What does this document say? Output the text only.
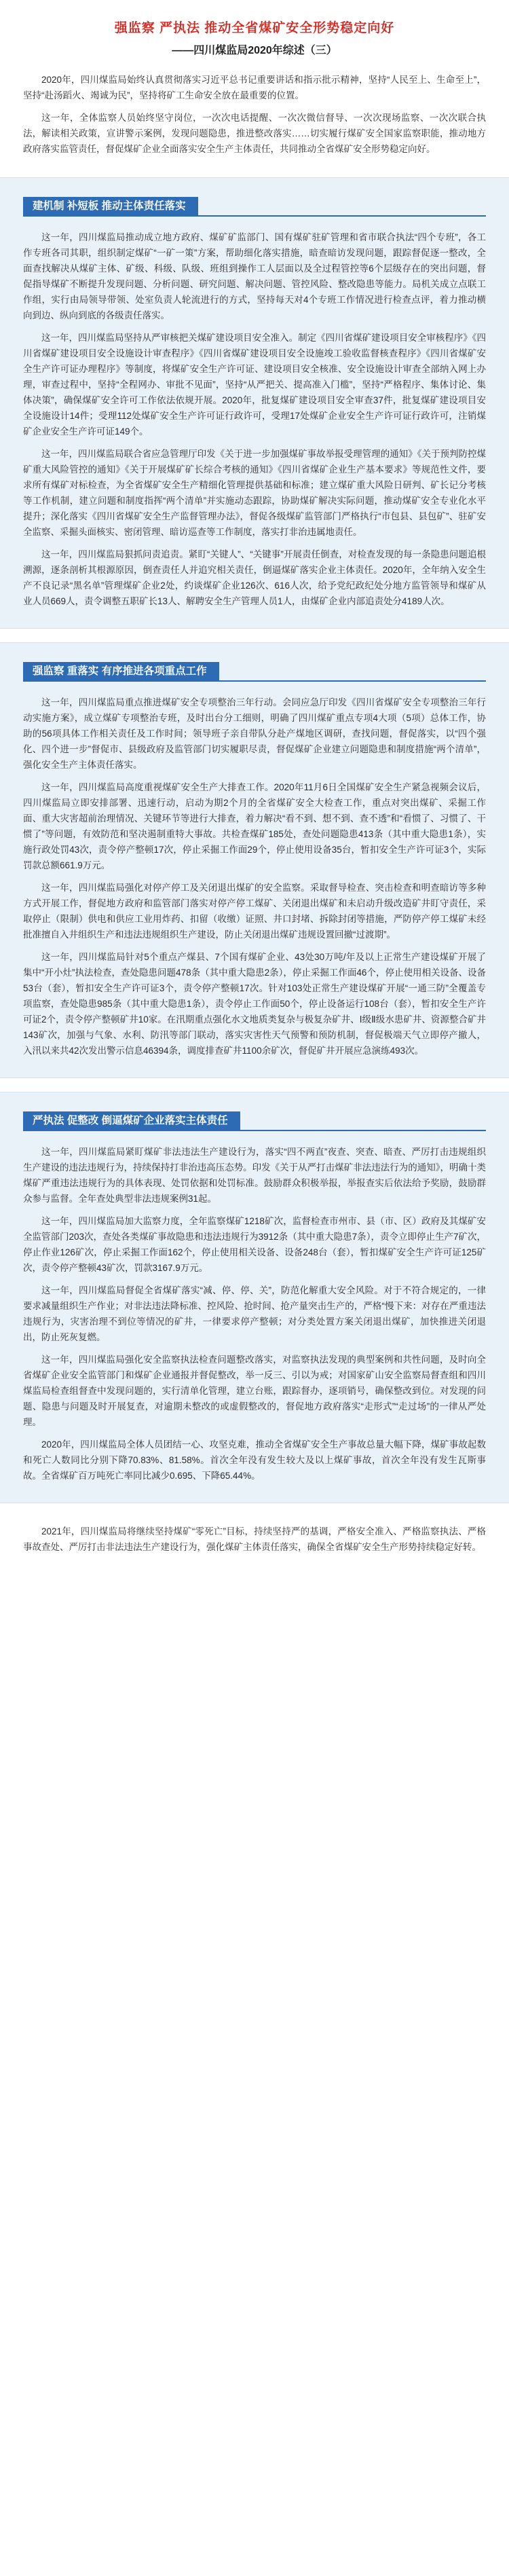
强监察 严执法 推动全省煤矿安全形势稳定向好
——四川煤监局2020年综述（三）

2020年，四川煤监局始终认真贯彻落实习近平总书记重要讲话和指示批示精神，坚持“人民至上、生命至上”，坚持“赴汤蹈火、竭诚为民”，坚持将矿工生命安全放在最重要的位置。

这一年，全体监察人员始终坚守岗位，一次次电话提醒、一次次微信督导、一次次现场监察、一次次联合执法，解读相关政策，宣讲警示案例，发现问题隐患，推进整改落实……切实履行煤矿安全国家监察职能，推动地方政府落实监管责任，督促煤矿企业全面落实安全生产主体责任，共同推动全省煤矿安全形势稳定向好。

建机制 补短板 推动主体责任落实

这一年，四川煤监局推动成立地方政府、煤矿矿监部门、国有煤矿驻矿管理和省市联合执法“四个专班”，各工作专班各司其职，组织制定煤矿“一矿一策”方案，帮助细化落实措施，暗查暗访发现问题，跟踪督促逐一整改，全面查找解决从煤矿主体、矿级、科级、队级、班组到操作工人层面以及全过程管控等6个层级存在的突出问题，督促指导煤矿不断提升发现问题、分析问题、研究问题、解决问题、管控风险、整改隐患等能力。局机关成立点联工作组，实行由局领导带领、处室负责人轮流进行的方式，坚持每天对4个专班工作情况进行检查点评，着力推动横向到边、纵向到底的各级责任落实。

这一年，四川煤监局坚持从严审核把关煤矿建设项目安全准入。制定《四川省煤矿建设项目安全审核程序》《四川省煤矿建设项目安全设施设计审查程序》《四川省煤矿建设项目安全设施竣工验收监督核查程序》《四川省煤矿安全生产许可证办理程序》等制度，将煤矿安全生产许可证、建设项目安全核准、安全设施设计审查全部纳入网上办理，审查过程中，坚持“全程网办、审批不见面”，坚持“从严把关、提高准入门槛”，坚持“严格程序、集体讨论、集体决策”，确保煤矿安全许可工作依法依规开展。2020年，批复煤矿建设项目安全审查37件，批复煤矿建设项目安全设施设计14件；受理112处煤矿安全生产许可证行政许可，受理17处煤矿企业安全生产许可证行政许可，注销煤矿企业安全生产许可证149个。

这一年，四川煤监局联合省应急管理厅印发《关于进一步加强煤矿事故举报受理管理的通知》《关于预判防控煤矿重大风险管控的通知》《关于开展煤矿矿长综合考核的通知》《四川省煤矿企业生产基本要求》等规范性文件，要求所有煤矿对标检查，为全省煤矿安全生产精细化管理提供基础和标准；建立煤矿重大风险日研判、矿长记分考核等工作机制，建立问题和制度指挥“两个清单”并实施动态跟踪，协助煤矿解决实际问题，推动煤矿安全专业化水平提升；深化落实《四川省煤矿安全生产监督管理办法》，督促各级煤矿监管部门严格执行“市包县、县包矿”、驻矿安全监察、采掘头面核实、密闭管理、暗访巡查等工作制度，落实打非治违属地责任。

这一年，四川煤监局狠抓问责追责。紧盯“关键人”、“关键事”开展责任倒查，对检查发现的每一条隐患问题追根溯源，逐条剖析其根源原因，倒查责任人并追究相关责任，倒逼煤矿落实企业主体责任。2020年，全年纳入安全生产不良记录“黑名单”管理煤矿企业2处，约谈煤矿企业126次、616人次，给予党纪政纪处分地方监管领导和煤矿从业人员669人，责令调整五职矿长13人、解聘安全生产管理人员1人，由煤矿企业内部追责处分4189人次。

强监察 重落实 有序推进各项重点工作

这一年，四川煤监局重点推进煤矿安全专项整治三年行动。会同应急厅印发《四川省煤矿安全专项整治三年行动实施方案》，成立煤矿专项整治专班，及时出台分工细则，明确了四川煤矿重点专项4大项（5项）总体工作，协助的56项具体工作相关责任及工作时间；领导班子亲自带队分赴产煤地区调研，查找问题，督促落实，以“四个强化、四个进一步”督促市、县级政府及监管部门切实履职尽责，督促煤矿企业建立问题隐患和制度措施“两个清单”，强化安全生产主体责任落实。

这一年，四川煤监局高度重视煤矿安全生产大排查工作。2020年11月6日全国煤矿安全生产紧急视频会议后，四川煤监局立即安排部署、迅速行动，启动为期2个月的全省煤矿安全大检查工作，重点对突出煤矿、采掘工作面、重大灾害超前治理情况、关键环节等进行大排查，着力解决“看不到、想不到、查不透”和“看惯了、习惯了、干惯了”等问题，有效防范和坚决遏制重特大事故。共检查煤矿185处，查处问题隐患413条（其中重大隐患1条），实施行政处罚43次，责令停产整顿17次，停止采掘工作面29个，停止使用设备35台，暂扣安全生产许可证3个，实际罚款总额661.9万元。

这一年，四川煤监局强化对停产停工及关闭退出煤矿的安全监察。采取督导检查、突击检查和明查暗访等多种方式开展工作，督促地方政府和监管部门落实对停产停工煤矿、关闭退出煤矿和未启动升级改造矿井盯守责任，采取停止（限制）供电和供应工业用炸药、扣留（收缴）证照、井口封堵、拆除封闭等措施，严防停产停工煤矿未经批准擅自入井组织生产和违法违规组织生产建设，防止关闭退出煤矿违规设置回撤“过渡期”。

这一年，四川煤监局针对5个重点产煤县、7个国有煤矿企业、43处30万吨/年及以上正常生产建设煤矿开展了集中“开小灶”执法检查，查处隐患问题478条（其中重大隐患2条），停止采掘工作面46个，停止使用相关设备、设备53台（套），暂扣安全生产许可证3个，责令停产整顿17次。针对103处正常生产建设煤矿开展“一通三防”全覆盖专项监察，查处隐患985条（其中重大隐患1条），责令停止工作面50个，停止设备运行108台（套），暂扣安全生产许可证2个，责令停产整顿矿井10家。在汛期重点强化水文地质类复杂与极复杂矿井、Ⅰ级Ⅱ级水患矿井、资源整合矿井143矿次，加强与气象、水利、防汛等部门联动，落实灾害性天气预警和预防机制，督促极端天气立即停产撤人，入汛以来共42次发出警示信息46394条，调度排查矿井1100余矿次，督促矿井开展应急演练493次。

严执法 促整改 倒逼煤矿企业落实主体责任

这一年，四川煤监局紧盯煤矿非法违法生产建设行为，落实“四不两直”夜查、突查、暗查、严厉打击违规组织生产建设的违法违规行为，持续保持打非治违高压态势。印发《关于从严打击煤矿非法违法行为的通知》，明确十类煤矿严重违法违规行为的具体表现、处罚依据和处罚标准。鼓励群众积极举报，举报查实后依法给予奖励，鼓励群众参与监督。全年查处典型非法违规案例31起。

这一年，四川煤监局加大监察力度，全年监察煤矿1218矿次，监督检查市州市、县（市、区）政府及其煤矿安全监管部门203次，查处各类煤矿事故隐患和违法违规行为3912条（其中重大隐患7条），责令立即停止生产7矿次，停止作业126矿次，停止采掘工作面162个，停止使用相关设备、设备248台（套），暂扣煤矿安全生产许可证125矿次，责令停产整顿43矿次，罚款3167.9万元。

这一年，四川煤监局督促全省煤矿落实“减、停、停、关”，防范化解重大安全风险。对于不符合规定的，一律要求减量组织生产作业；对非法违法降标准、控风险、抢时间、抢产量突击生产的，严格“慢下来：对存在严重违法违规行为，灾害治理不到位等情况的矿井，一律要求停产整顿；对分类处置方案关闭退出煤矿，加快推进关闭退出，防止死灰复燃。

这一年，四川煤监局强化安全监察执法检查问题整改落实，对监察执法发现的典型案例和共性问题，及时向全省煤矿企业安全监管部门和煤矿企业通报并督促整改，举一反三、引以为戒；对国家矿山安全监察局督查组和四川煤监局检查组督查中发现问题的，实行清单化管理，建立台账，跟踪督办，逐项销号，确保整改到位。对发现的问题、隐患与问题及时开展复查，对逾期未整改的或虚假整改的，督促地方政府落实“走形式”“走过场”的一律从严处理。

2020年，四川煤监局全体人员团结一心、攻坚克难，推动全省煤矿安全生产事故总量大幅下降，煤矿事故起数和死亡人数同比分别下降70.83%、81.58%。首次全年没有发生较大及以上煤矿事故，首次全年没有发生瓦斯事故。全省煤矿百万吨死亡率同比减少0.695、下降65.44%。

2021年，四川煤监局将继续坚持煤矿“零死亡”目标，持续坚持严的基调，严格安全准入、严格监察执法、严格事故查处、严厉打击非法违法生产建设行为，强化煤矿主体责任落实，确保全省煤矿安全生产形势持续稳定好转。
